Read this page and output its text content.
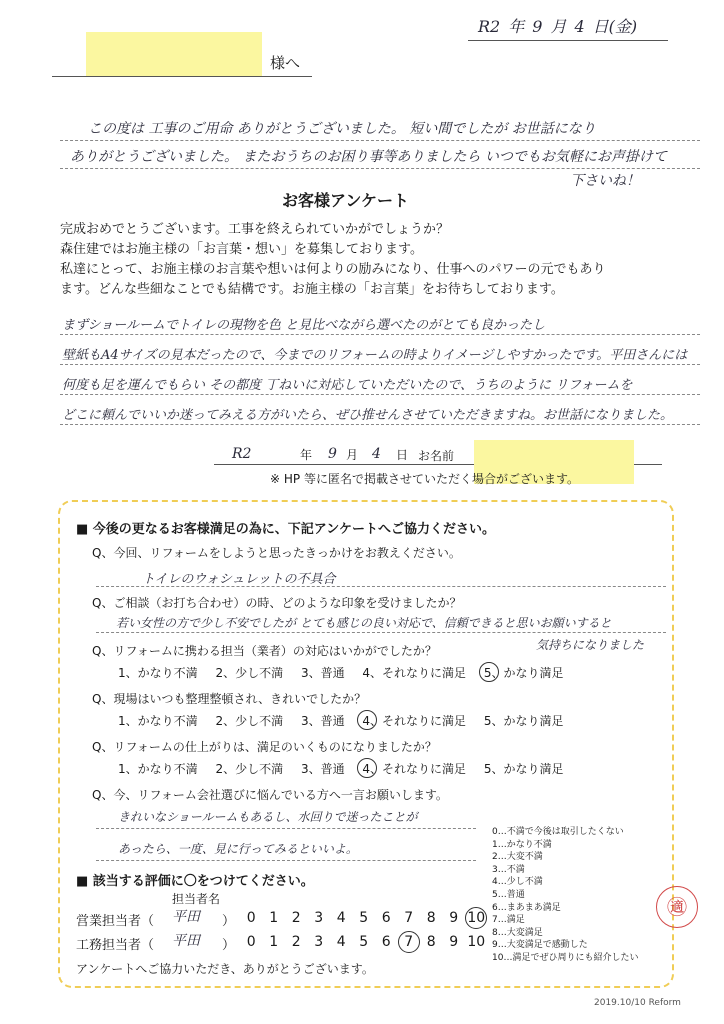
R2 年 9 月 4 日(金)
様へ
この度は 工事のご用命 ありがとうございました。 短い間でしたが お世話になり
ありがとうございました。 またおうちのお困り事等ありましたら いつでもお気軽にお声掛けて
下さいね！
お客様アンケート
完成おめでとうございます。工事を終えられていかがでしょうか？
森住建ではお施主様の「お言葉・想い」を募集しております。
私達にとって、お施主様のお言葉や想いは何よりの励みになり、仕事へのパワーの元でもあり
ます。どんな些細なことでも結構です。お施主様の「お言葉」をお待ちしております。
まずショールームでトイレの現物を色 と見比べながら選べたのがとても良かったし
壁紙もA4サイズの見本だったので、今までのリフォームの時よりイメージしやすかったです。平田さんには
何度も足を運んでもらい その都度 丁ねいに対応していただいたので、うちのように リフォームを
どこに頼んでいいか迷ってみえる方がいたら、ぜひ推せんさせていただきますね。お世話になりました。
R2	年 9 月 4 日 お名前
※ HP 等に匿名で掲載させていただく場合がございます。
■ 今後の更なるお客様満足の為に、下記アンケートへご協力ください。
Q、今回、リフォームをしようと思ったきっかけをお教えください。
トイレのウォシュレットの不具合
Q、ご相談（お打ち合わせ）の時、どのような印象を受けましたか？
若い女性の方で少し不安でしたが とても感じの良い対応で、信頼できると思いお願いすると
気持ちになりました
Q、リフォームに携わる担当（業者）の対応はいかがでしたか？
1、かなり不満 2、少し不満 3、普通 4、それなりに満足 5、かなり満足
Q、現場はいつも整理整頓され、きれいでしたか？
1、かなり不満 2、少し不満 3、普通 4、それなりに満足 5、かなり満足
Q、リフォームの仕上がりは、満足のいくものになりましたか？
1、かなり不満 2、少し不満 3、普通 4、それなりに満足 5、かなり満足
Q、今、リフォーム会社選びに悩んでいる方へ一言お願いします。
きれいなショールームもあるし、水回りで迷ったことが
あったら、一度、見に行ってみるといいよ。
0…不満で今後は取引したくない
1…かなり不満
2…大変不満
3…不満
4…少し不満
5…普通
6…まあまあ満足
7…満足
8…大変満足
9…大変満足で感動した
10…満足でぜひ周りにも紹介したい
■ 該当する評価に〇をつけてください。
担当者名
営業担当者（ 平田 ） 0 1 2 3 4 5 6 7 8 9 10
工務担当者（ 平田 ） 0 1 2 3 4 5 6 7 8 9 10
㊜
アンケートへご協力いただき、ありがとうございます。
2019.10/10 Reform
